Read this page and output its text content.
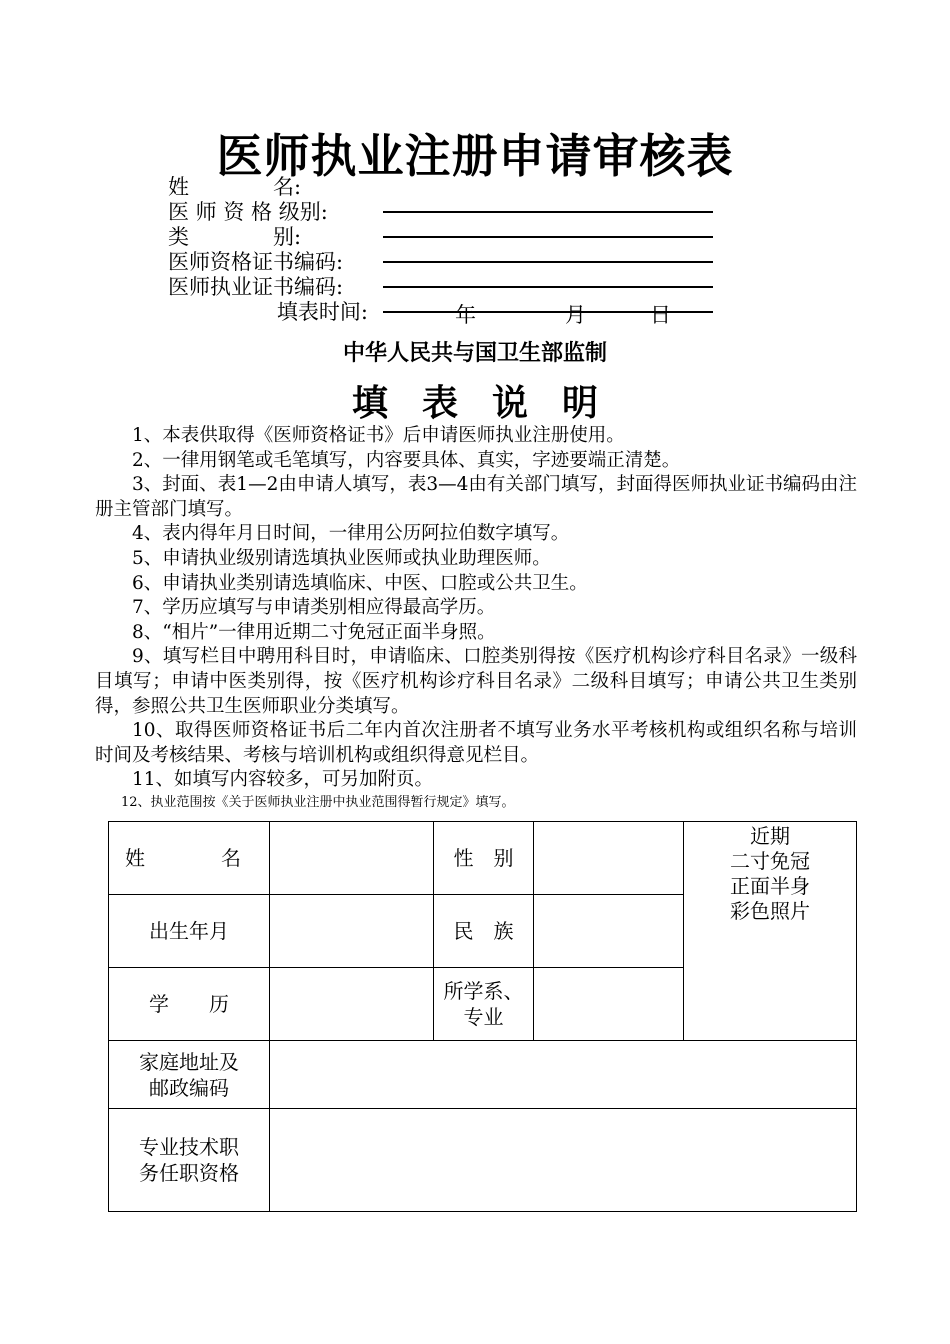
医师执业注册申请审核表
姓　　　　名:
医 师 资 格 级别:
类　　　　别:
医师资格证书编码:
医师执业证书编码:
填表时间:	年	月	日
中华人民共与国卫生部监制
填表说明

1、本表供取得《医师资格证书》后申请医师执业注册使用。

2、一律用钢笔或毛笔填写，内容要具体、真实，字迹要端正清楚。

3、封面、表1—2由申请人填写，表3—4由有关部门填写，封面得医师执业证书编码由注册主管部门填写。

4、表内得年月日时间，一律用公历阿拉伯数字填写。

5、申请执业级别请选填执业医师或执业助理医师。

6、申请执业类别请选填临床、中医、口腔或公共卫生。

7、学历应填写与申请类别相应得最高学历。

8、“相片”一律用近期二寸免冠正面半身照。

9、填写栏目中聘用科目时，申请临床、口腔类别得按《医疗机构诊疗科目名录》一级科目填写；申请中医类别得，按《医疗机构诊疗科目名录》二级科目填写；申请公共卫生类别得，参照公共卫生医师职业分类填写。

10、取得医师资格证书后二年内首次注册者不填写业务水平考核机构或组织名称与培训时间及考核结果、考核与培训机构或组织得意见栏目。

11、如填写内容较多，可另加附页。

12、执业范围按《关于医师执业注册中执业范围得暂行规定》填写。

姓　　名		性　别		近期
二寸免冠
正面半身
彩色照片

出生年月		民　族		
学　　历		所学系、
专业		

家庭地址及
邮政编码				

专业技术职
务任职资格				
